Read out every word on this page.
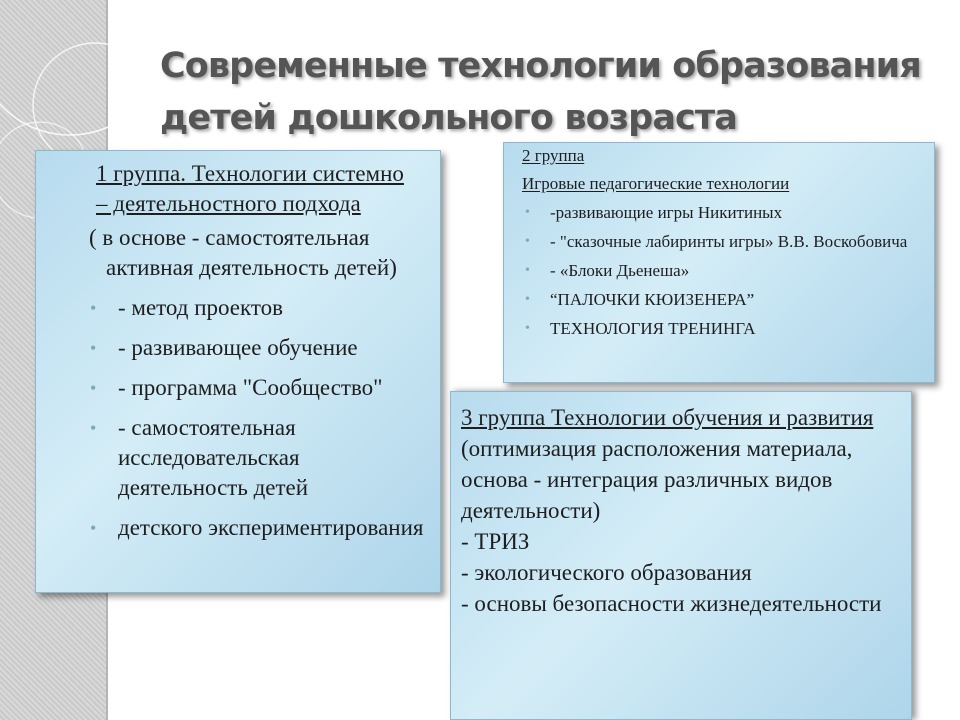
Современные технологии образования
детей дошкольного возраста
1 группа. Технологии системно
– деятельностного подхода
( в основе - самостоятельная активная деятельность детей)
• - метод проектов
• - развивающее обучение
• - программа "Сообщество"
• - самостоятельная исследовательская деятельность детей
• детского экспериментирования
2 группа
Игровые педагогические технологии
• -развивающие игры Никитиных
• - "сказочные лабиринты игры» В.В. Воскобовича
• - «Блоки Дьенеша»
• “ПАЛОЧКИ КЮИЗЕНЕРА”
• ТЕХНОЛОГИЯ ТРЕНИНГА
3 группа Технологии обучения и развития
(оптимизация расположения материала, основа - интеграция различных видов деятельности)
- ТРИЗ
- экологического образования
- основы безопасности жизнедеятельности
